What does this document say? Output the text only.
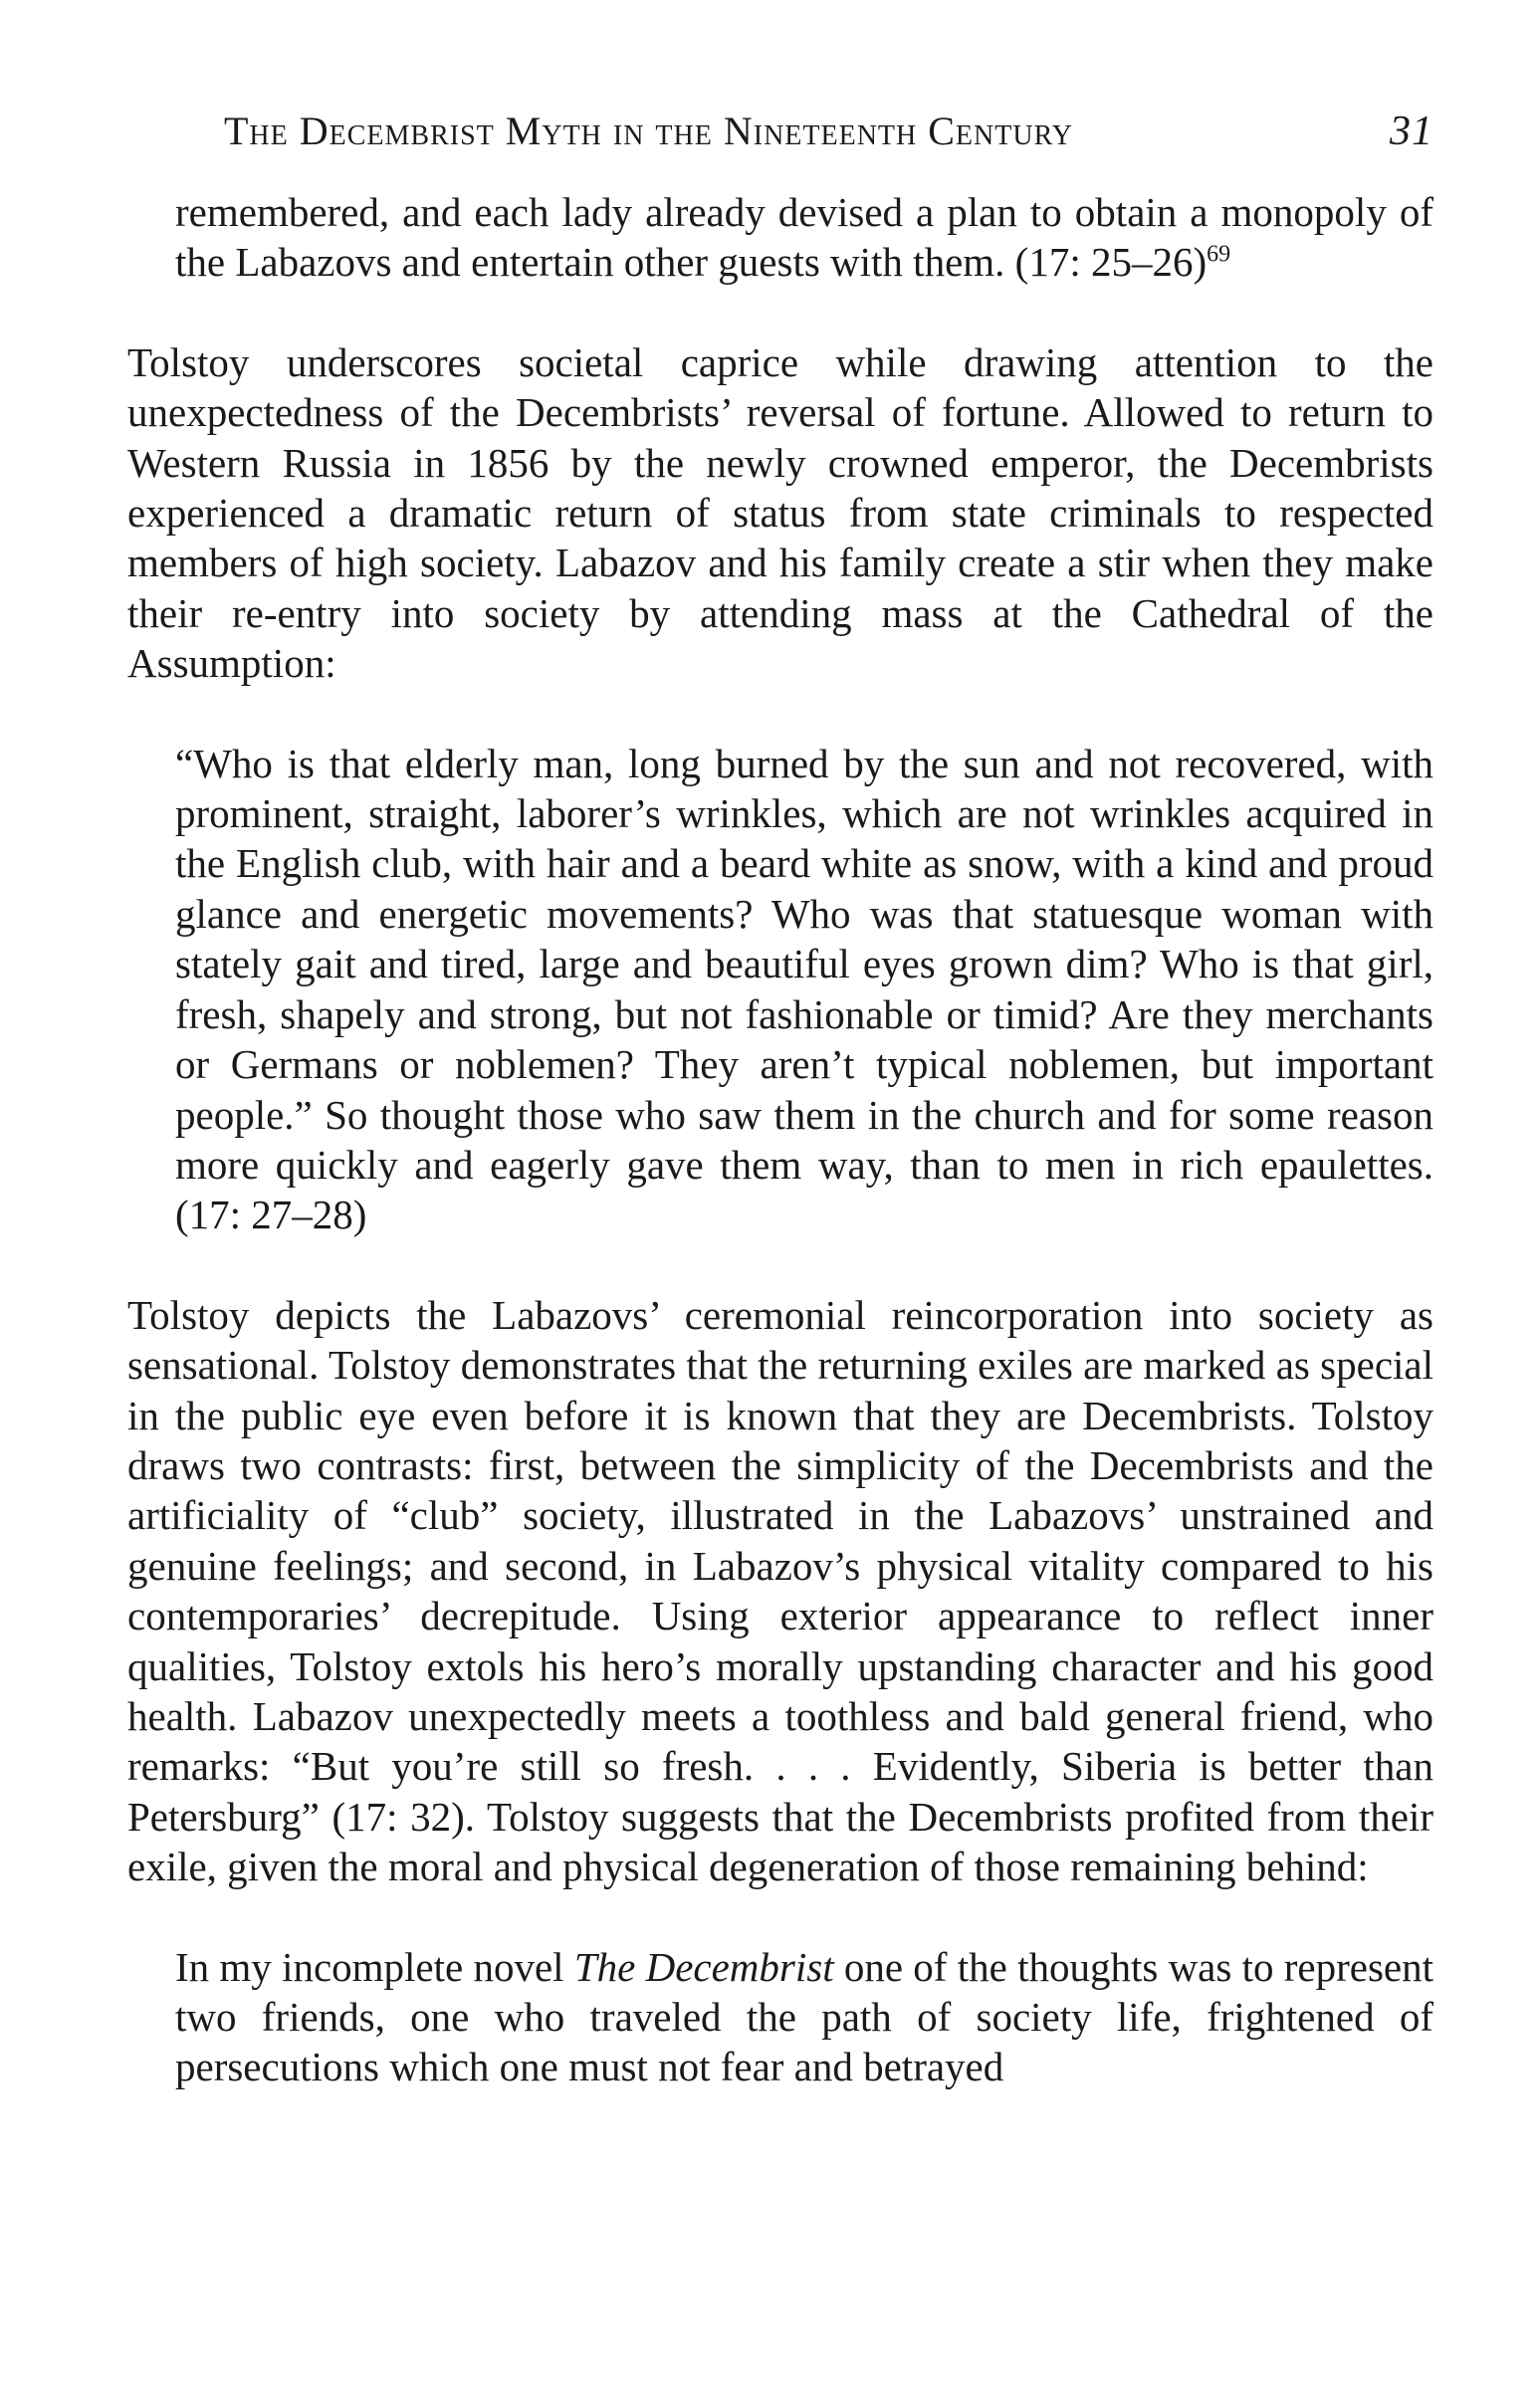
The Decembrist Myth in the Nineteenth Century	31

remembered, and each lady already devised a plan to obtain a monopoly of the Labazovs and entertain other guests with them. (17: 25–26)$^{69}$

Tolstoy underscores societal caprice while drawing attention to the unexpectedness of the Decembrists’ reversal of fortune. Allowed to return to Western Russia in 1856 by the newly crowned emperor, the Decembrists experienced a dramatic return of status from state criminals to respected members of high society. Labazov and his family create a stir when they make their re-entry into society by attending mass at the Cathedral of the Assumption:

“Who is that elderly man, long burned by the sun and not recovered, with prominent, straight, laborer’s wrinkles, which are not wrinkles acquired in the English club, with hair and a beard white as snow, with a kind and proud glance and energetic movements? Who was that statuesque woman with stately gait and tired, large and beautiful eyes grown dim? Who is that girl, fresh, shapely and strong, but not fashionable or timid? Are they merchants or Germans or noblemen? They aren’t typical noblemen, but important people.” So thought those who saw them in the church and for some reason more quickly and eagerly gave them way, than to men in rich epaulettes. (17: 27–28)

Tolstoy depicts the Labazovs’ ceremonial reincorporation into society as sensational. Tolstoy demonstrates that the returning exiles are marked as special in the public eye even before it is known that they are Decembrists. Tolstoy draws two contrasts: first, between the simplicity of the Decembrists and the artificiality of “club” society, illustrated in the Labazovs’ unstrained and genuine feelings; and second, in Labazov’s physical vitality compared to his contemporaries’ decrepitude. Using exterior appearance to reflect inner qualities, Tolstoy extols his hero’s morally upstanding character and his good health. Labazov unexpectedly meets a toothless and bald general friend, who remarks: “But you’re still so fresh. . . . Evidently, Siberia is better than Petersburg” (17: 32). Tolstoy suggests that the Decembrists profited from their exile, given the moral and physical degeneration of those remaining behind:

In my incomplete novel The Decembrist one of the thoughts was to represent two friends, one who traveled the path of society life, frightened of persecutions which one must not fear and betrayed
